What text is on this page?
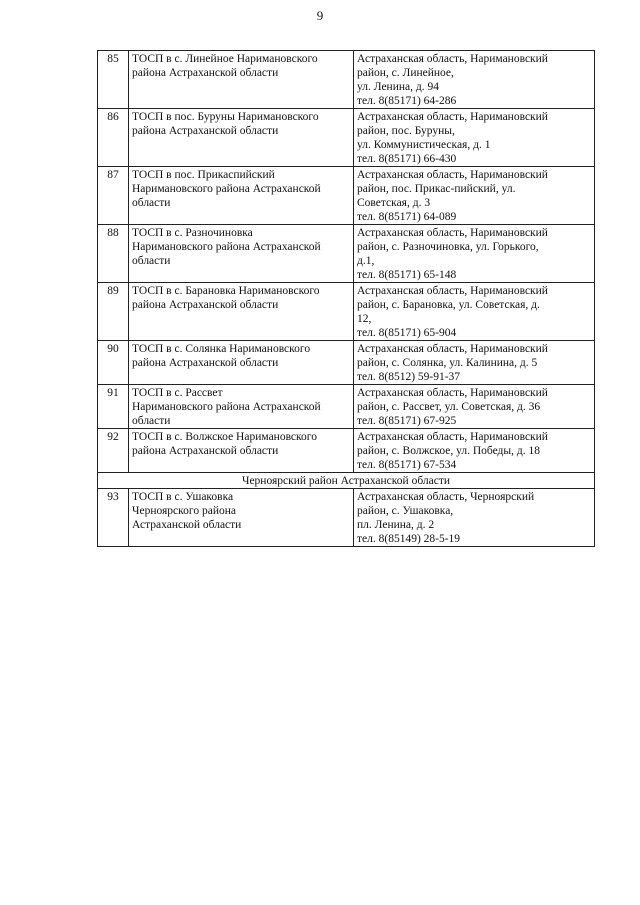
9
85	ТОСП в с. Линейное Наримановского
района Астраханской области	Астраханская область, Наримановский
район, с. Линейное,
ул. Ленина, д. 94
тел. 8(85171) 64-286

86	ТОСП в пос. Буруны Наримановского
района Астраханской области	Астраханская область, Наримановский
район, пос. Буруны,
ул. Коммунистическая, д. 1
тел. 8(85171) 66-430

87	ТОСП в пос. Прикаспийский
Наримановского района Астраханской
области	Астраханская область, Наримановский
район, пос. Прикас-пийский, ул.
Советская, д. 3
тел. 8(85171) 64-089

88	ТОСП в с. Разночиновка
Наримановского района Астраханской
области	Астраханская область, Наримановский
район, с. Разночиновка, ул. Горького,
д.1,
тел. 8(85171) 65-148

89	ТОСП в с. Барановка Наримановского
района Астраханской области	Астраханская область, Наримановский
район, с. Барановка, ул. Советская, д.
12,
тел. 8(85171) 65-904

90	ТОСП в с. Солянка Наримановского
района Астраханской области	Астраханская область, Наримановский
район, с. Солянка, ул. Калинина, д. 5
тел. 8(8512) 59-91-37

91	ТОСП в с. Рассвет
Наримановского района Астраханской
области	Астраханская область, Наримановский
район, с. Рассвет, ул. Советская, д. 36
тел. 8(85171) 67-925

92	ТОСП в с. Волжское Наримановского
района Астраханской области	Астраханская область, Наримановский
район, с. Волжское, ул. Победы, д. 18
тел. 8(85171) 67-534

Черноярский район Астраханской области		
93	ТОСП в с. Ушаковка
Черноярского района
Астраханской области	Астраханская область, Черноярский
район, с. Ушаковка,
пл. Ленина, д. 2
тел. 8(85149) 28-5-19
